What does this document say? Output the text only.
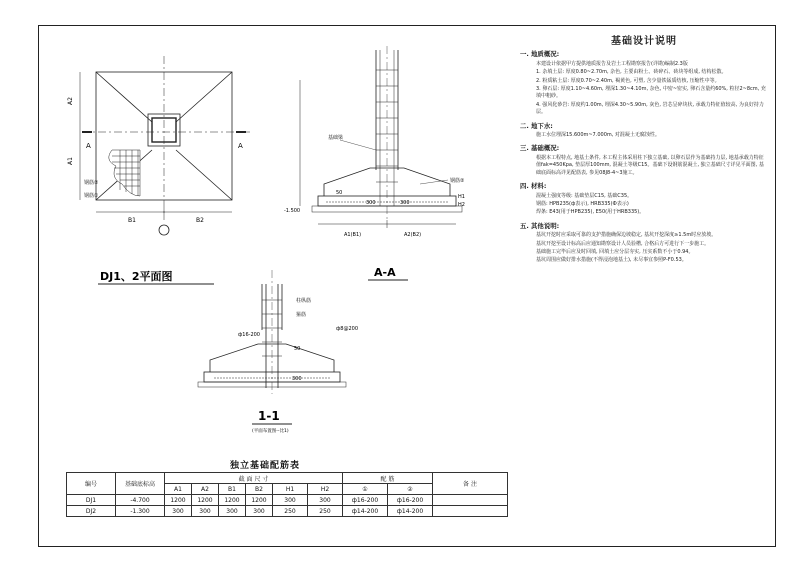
A2
A1
B1	B2
A	A
钢筋②
钢筋①
DJ1、2平面图
基础梁
-1.500
50
300	300
钢筋②
H1
H2
A1(B1)	A2(B2)
A-A
柱纵筋
箍筋
ф16-200
ф8@200
50
300
1-1
(平面布置图--比1)
独立基础配筋表
编号	基础底标高	截 面 尺 寸						配 筋		备 注
		A1	A2	B1	B2	H1	H2	①	②	
DJ1	-4.700	1200	1200	1200	1200	300	300	ф16-200	ф16-200	
DJ2	-1.300	300	300	300	300	250	250	ф14-200	ф14-200	
基础设计说明
一. 地质概况:

本建设计依据甲方提供地质报告及岩土工程勘察报告(详勘)编制2.3版

1. 杂填土层: 厚度0.80~2.70m, 杂色, 主要由粉土、砖碎石、砖块等组成, 结构松散。

2. 粉质粘土层: 厚度0.70~2.40m, 褐黄色, 可塑, 含少量铁锰质结核, 压缩性中等。

3. 卵石层: 厚度1.10~4.60m, 埋深1.30~4.10m, 杂色, 中密~密实, 卵石含量约60%, 粒径2~8cm, 充填中粗砂。

4. 强风化砂岩: 厚度约1.00m, 埋深4.30~5.90m, 灰色, 岩芯呈碎块状, 承载力特征值较高, 为良好持力层。

二. 地下水:

施工水位埋深15.600m~7.000m, 对混凝土无腐蚀性。

三. 基础概况:

根据本工程特点, 地基土条件, 本工程主体采用柱下独立基础, 以卵石层作为基础持力层, 地基承载力特征值fak=450Kpa, 垫层厚100mm, 混凝土等级C15。基础下设钢筋混凝土, 独立基础尺寸详见平面图, 基础底面标高详见配筋表, 参见08J8-4~3施工。

四. 材料:

混凝土强度等级: 基础垫层C15, 基础C35。

钢筋: HPB235(ф表示), HRB335(Ф表示)

焊条: E43(用于HPB235), E50(用于HRB335)。

五. 其他说明:

基坑开挖时应采取可靠的支护措施确保边坡稳定, 基坑开挖深度≥1.5m时应放坡。

基坑开挖至设计标高后应通知勘察设计人员验槽, 合格后方可进行下一步施工。

基础施工完毕后应及时回填, 回填土应分层夯实, 压实系数不小于0.94。

基坑周围应做好排水措施(不得浸泡地基土), 未尽事宜参照P-F0.53。
